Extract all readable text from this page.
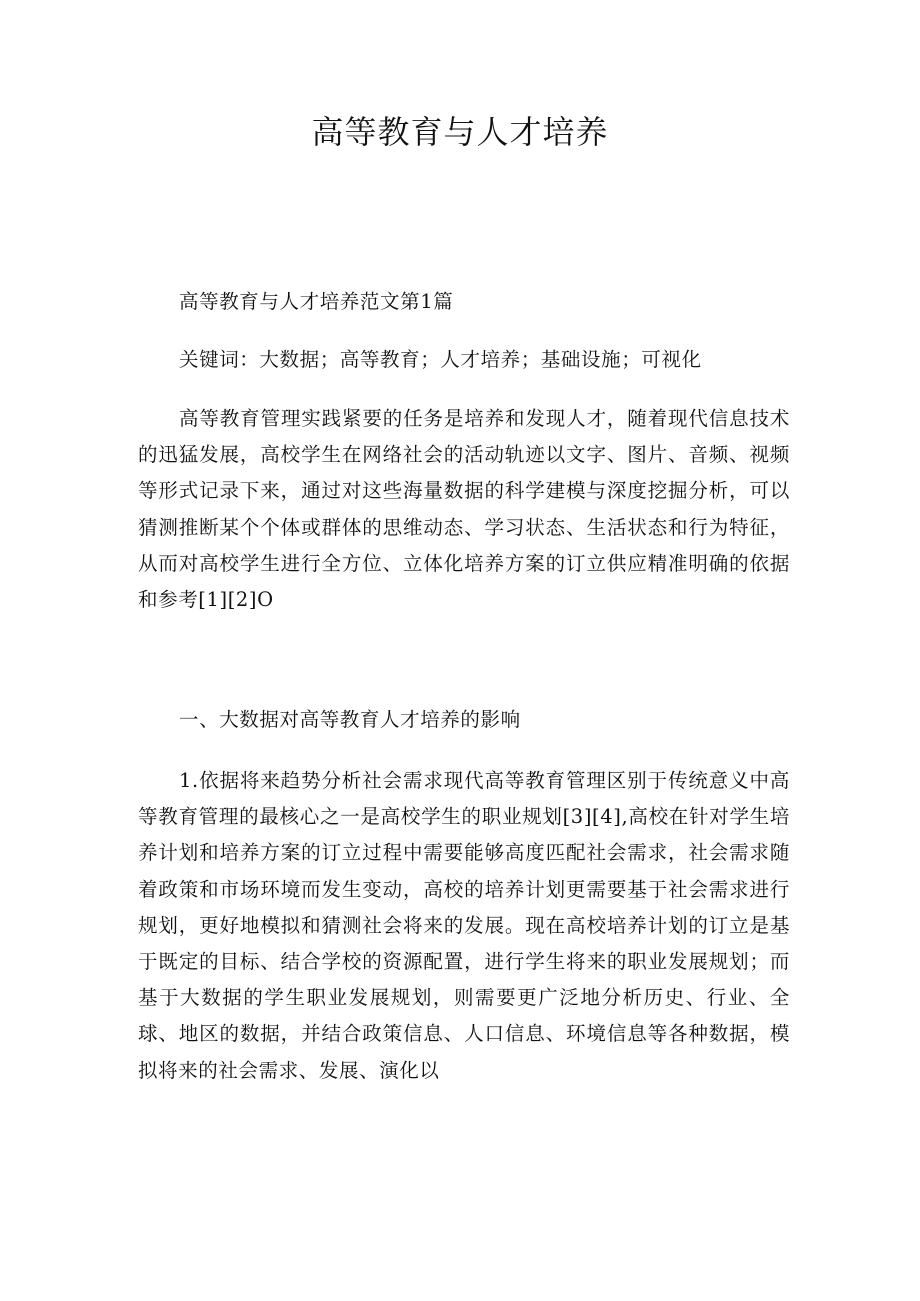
高等教育与人才培养

高等教育与人才培养范文第1篇

关键词：大数据；高等教育；人才培养；基础设施；可视化

高等教育管理实践紧要的任务是培养和发现人才，随着现代信息技术的迅猛发展，高校学生在网络社会的活动轨迹以文字、图片、音频、视频等形式记录下来，通过对这些海量数据的科学建模与深度挖掘分析，可以猜测推断某个个体或群体的思维动态、学习状态、生活状态和行为特征，从而对高校学生进行全方位、立体化培养方案的订立供应精准明确的依据和参考[1][2]O

一、大数据对高等教育人才培养的影响

1.依据将来趋势分析社会需求现代高等教育管理区别于传统意义中高等教育管理的最核心之一是高校学生的职业规划[3][4],高校在针对学生培养计划和培养方案的订立过程中需要能够高度匹配社会需求，社会需求随着政策和市场环境而发生变动，高校的培养计划更需要基于社会需求进行规划，更好地模拟和猜测社会将来的发展。现在高校培养计划的订立是基于既定的目标、结合学校的资源配置，进行学生将来的职业发展规划；而基于大数据的学生职业发展规划，则需要更广泛地分析历史、行业、全球、地区的数据，并结合政策信息、人口信息、环境信息等各种数据，模拟将来的社会需求、发展、演化以
